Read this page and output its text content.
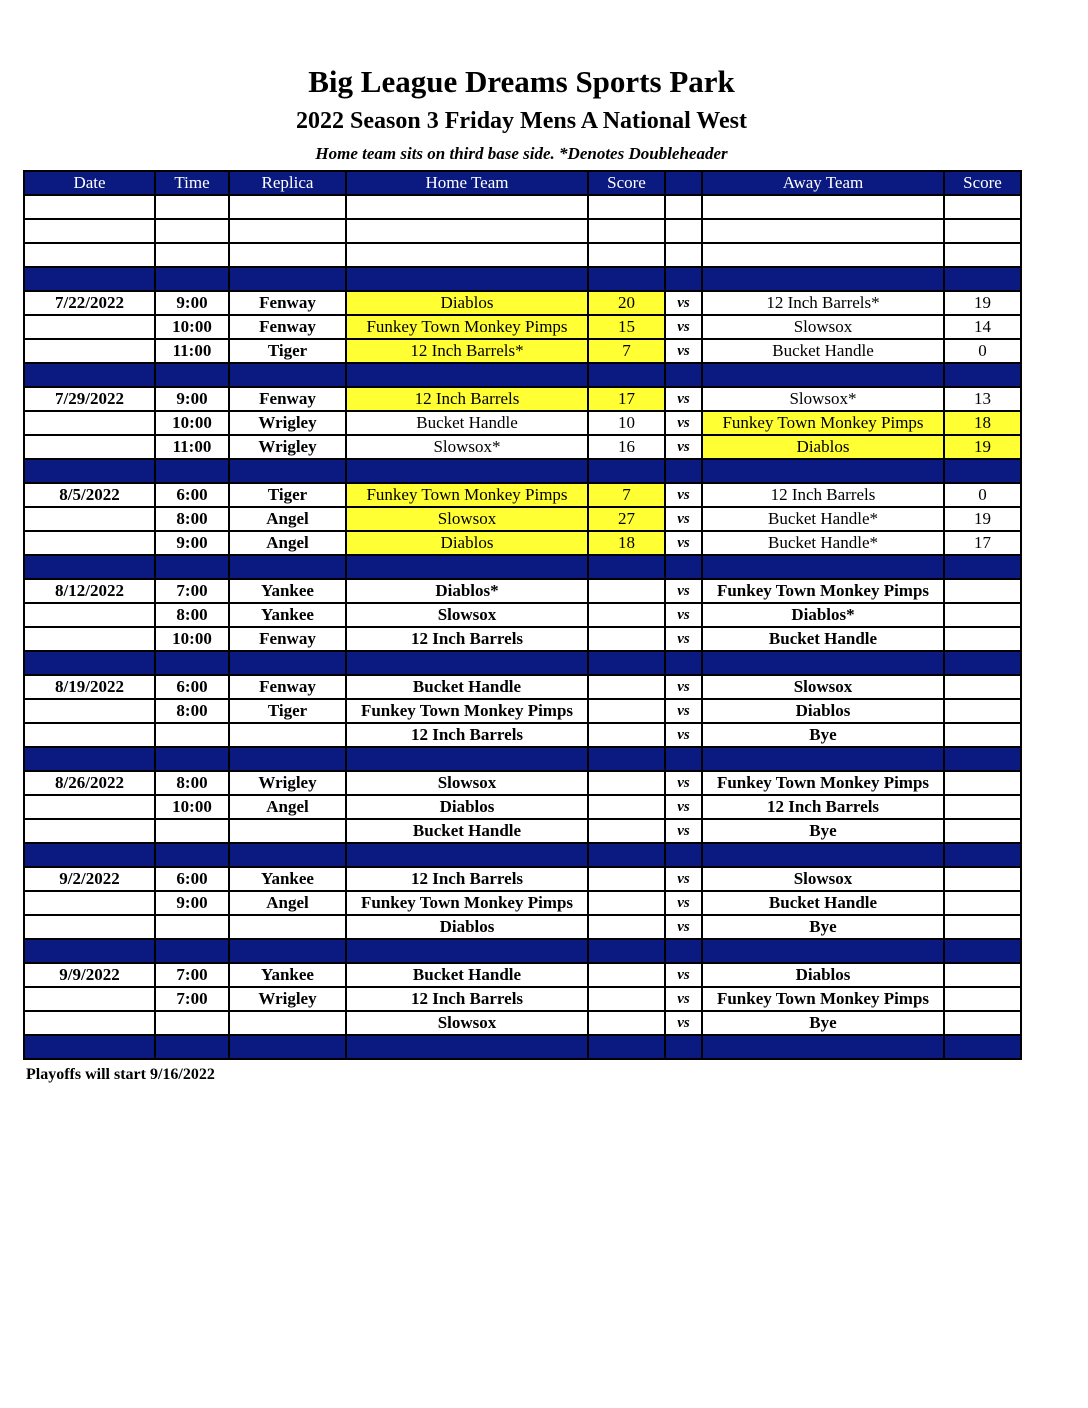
Big League Dreams Sports Park
2022 Season 3 Friday Mens A National West
Home team sits on third base side. *Denotes Doubleheader
Date	Time	Replica	Home Team	Score		Away Team	Score

7/22/2022	9:00	Fenway	Diablos	20	vs	12 Inch Barrels*	19
	10:00	Fenway	Funkey Town Monkey Pimps	15	vs	Slowsox	14
	11:00	Tiger	12 Inch Barrels*	7	vs	Bucket Handle	0

7/29/2022	9:00	Fenway	12 Inch Barrels	17	vs	Slowsox*	13
	10:00	Wrigley	Bucket Handle	10	vs	Funkey Town Monkey Pimps	18
	11:00	Wrigley	Slowsox*	16	vs	Diablos	19

8/5/2022	6:00	Tiger	Funkey Town Monkey Pimps	7	vs	12 Inch Barrels	0
	8:00	Angel	Slowsox	27	vs	Bucket Handle*	19
	9:00	Angel	Diablos	18	vs	Bucket Handle*	17

8/12/2022	7:00	Yankee	Diablos*		vs	Funkey Town Monkey Pimps	
	8:00	Yankee	Slowsox		vs	Diablos*	
	10:00	Fenway	12 Inch Barrels		vs	Bucket Handle	

8/19/2022	6:00	Fenway	Bucket Handle		vs	Slowsox	
	8:00	Tiger	Funkey Town Monkey Pimps		vs	Diablos	
			12 Inch Barrels		vs	Bye	

8/26/2022	8:00	Wrigley	Slowsox		vs	Funkey Town Monkey Pimps	
	10:00	Angel	Diablos		vs	12 Inch Barrels	
			Bucket Handle		vs	Bye	

9/2/2022	6:00	Yankee	12 Inch Barrels		vs	Slowsox	
	9:00	Angel	Funkey Town Monkey Pimps		vs	Bucket Handle	
			Diablos		vs	Bye	

9/9/2022	7:00	Yankee	Bucket Handle		vs	Diablos	
	7:00	Wrigley	12 Inch Barrels		vs	Funkey Town Monkey Pimps	
			Slowsox		vs	Bye	

Playoffs will start 9/16/2022
